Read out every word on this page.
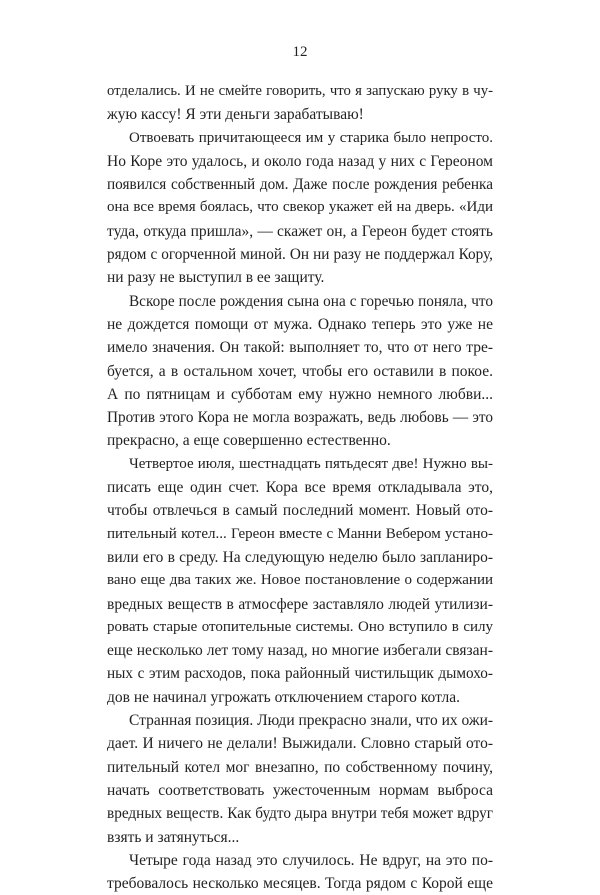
12
отделались. И не смейте говорить, что я запускаю руку в чу-
жую кассу! Я эти деньги зарабатываю!
Отвоевать причитающееся им у старика было непросто.
Но Коре это удалось, и около года назад у них с Гереоном
появился собственный дом. Даже после рождения ребенка
она все время боялась, что свекор укажет ей на дверь. «Иди
туда, откуда пришла», — скажет он, а Гереон будет стоять
рядом с огорченной миной. Он ни разу не поддержал Кору,
ни разу не выступил в ее защиту.
Вскоре после рождения сына она с горечью поняла, что
не дождется помощи от мужа. Однако теперь это уже не
имело значения. Он такой: выполняет то, что от него тре-
буется, а в остальном хочет, чтобы его оставили в покое.
А по пятницам и субботам ему нужно немного любви...
Против этого Кора не могла возражать, ведь любовь — это
прекрасно, а еще совершенно естественно.
Четвертое июля, шестнадцать пятьдесят две! Нужно вы-
писать еще один счет. Кора все время откладывала это,
чтобы отвлечься в самый последний момент. Новый ото-
пительный котел... Гереон вместе с Манни Вебером устано-
вили его в среду. На следующую неделю было запланиро-
вано еще два таких же. Новое постановление о содержании
вредных веществ в атмосфере заставляло людей утилизи-
ровать старые отопительные системы. Оно вступило в силу
еще несколько лет тому назад, но многие избегали связан-
ных с этим расходов, пока районный чистильщик дымохо-
дов не начинал угрожать отключением старого котла.
Странная позиция. Люди прекрасно знали, что их ожи-
дает. И ничего не делали! Выжидали. Словно старый ото-
пительный котел мог внезапно, по собственному почину,
начать соответствовать ужесточенным нормам выброса
вредных веществ. Как будто дыра внутри тебя может вдруг
взять и затянуться...
Четыре года назад это случилось. Не вдруг, на это по-
требовалось несколько месяцев. Тогда рядом с Корой еще
